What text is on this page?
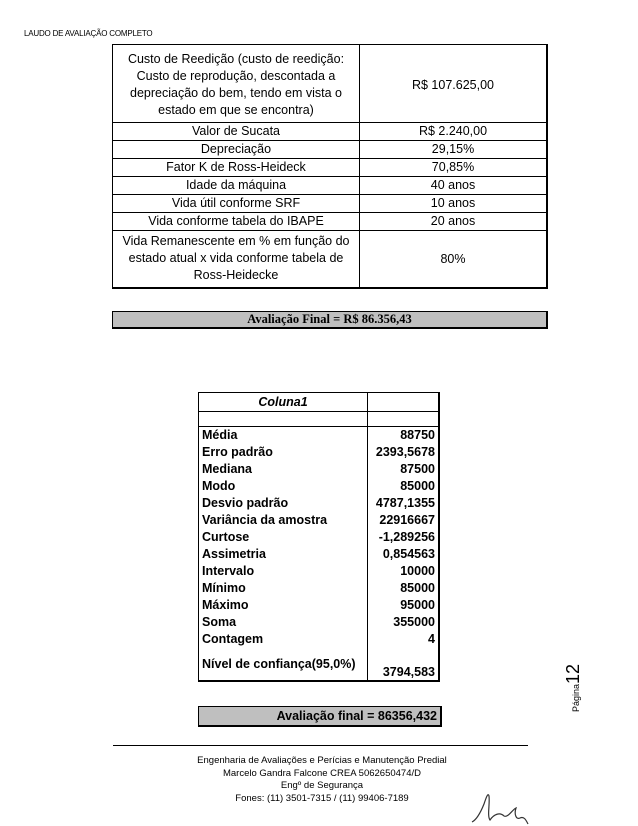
LAUDO DE AVALIAÇÃO COMPLETO
Custo de Reedição (custo de reedição: Custo de reprodução, descontada a depreciação do bem, tendo em vista o estado em que se encontra)	R$ 107.625,00
Valor de Sucata	R$ 2.240,00
Depreciação	29,15%
Fator K de Ross-Heideck	70,85%
Idade da máquina	40 anos
Vida útil conforme SRF	10 anos
Vida conforme tabela do IBAPE	20 anos
Vida Remanescente em % em função do estado atual x vida conforme tabela de Ross-Heidecke	80%
Avaliação Final = R$ 86.356,43
Coluna1	

Média	88750
Erro padrão	2393,5678
Mediana	87500
Modo	85000
Desvio padrão	4787,1355
Variância da amostra	22916667
Curtose	-1,289256
Assimetria	0,854563
Intervalo	10000
Mínimo	85000
Máximo	95000
Soma	355000
Contagem	4
Nível de confiança(95,0%)	3794,583
Avaliação final = 86356,432
Página12
Engenharia de Avaliações e Perícias e Manutenção Predial
Marcelo Gandra Falcone CREA 5062650474/D
Engº de Segurança
Fones: (11) 3501-7315 / (11) 99406-7189
